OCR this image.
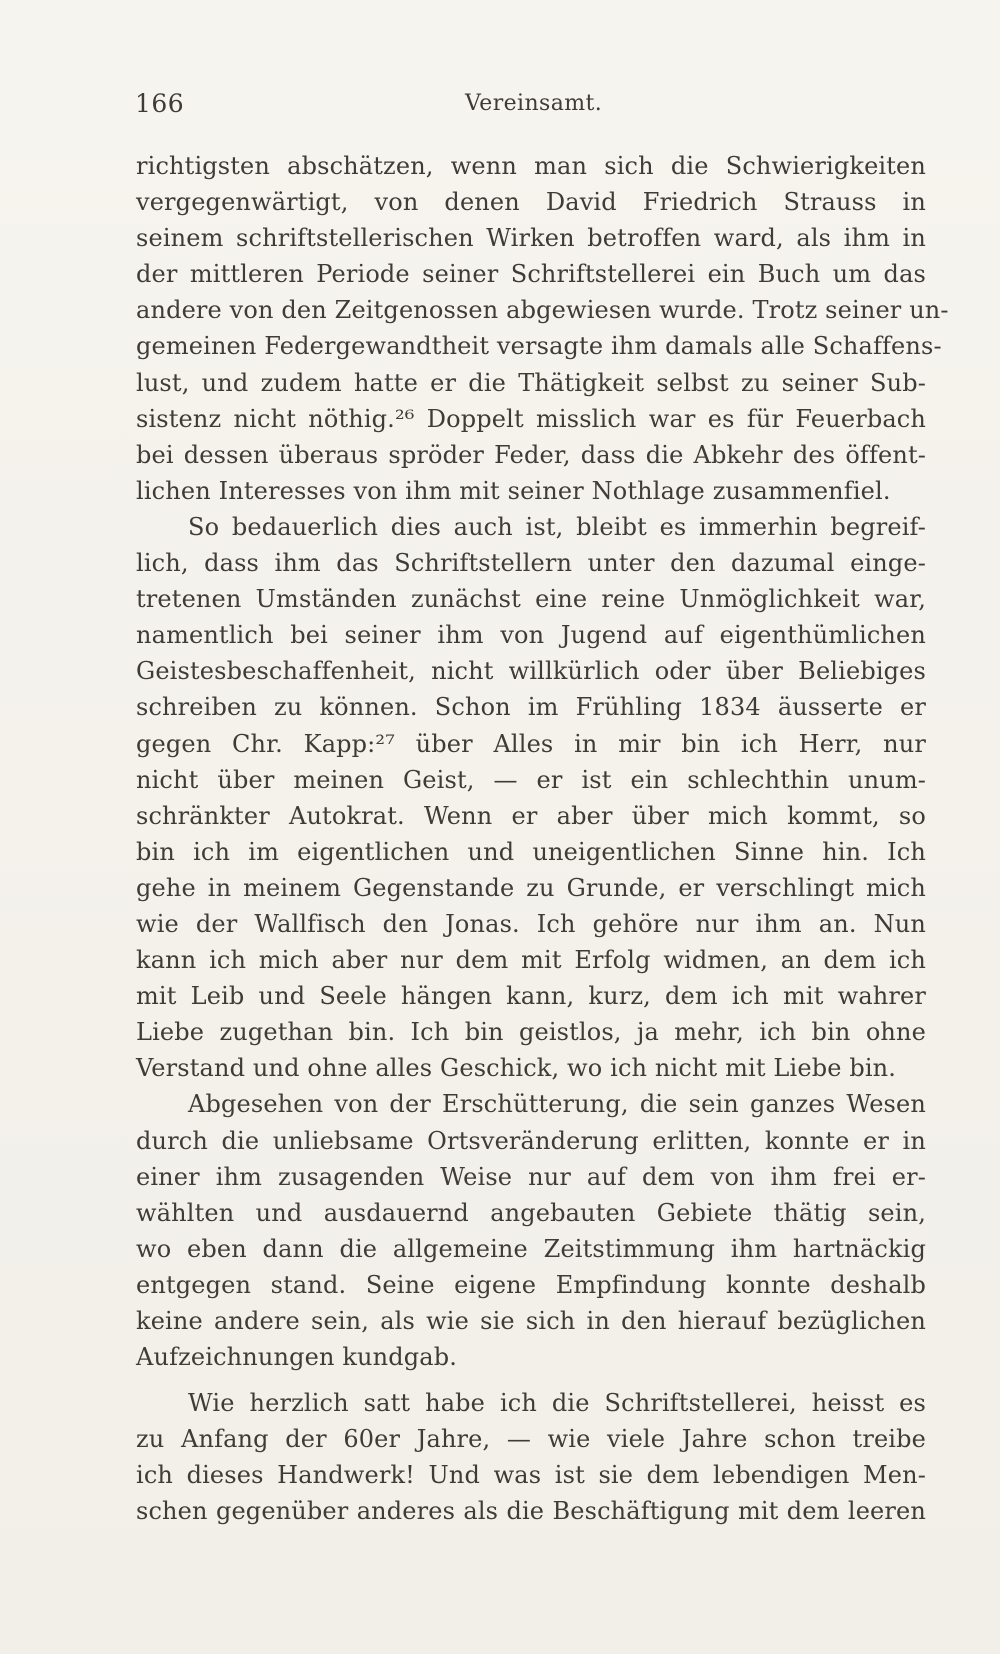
166	Vereinsamt.
richtigsten abschätzen, wenn man sich die Schwierigkeiten
vergegenwärtigt, von denen David Friedrich Strauss in
seinem schriftstellerischen Wirken betroffen ward, als ihm in
der mittleren Periode seiner Schriftstellerei ein Buch um das
andere von den Zeitgenossen abgewiesen wurde. Trotz seiner un-
gemeinen Federgewandtheit versagte ihm damals alle Schaffens-
lust, und zudem hatte er die Thätigkeit selbst zu seiner Sub-
sistenz nicht nöthig.²⁶ Doppelt misslich war es für Feuerbach
bei dessen überaus spröder Feder, dass die Abkehr des öffent-
lichen Interesses von ihm mit seiner Nothlage zusammenfiel.
So bedauerlich dies auch ist, bleibt es immerhin begreif-
lich, dass ihm das Schriftstellern unter den dazumal einge-
tretenen Umständen zunächst eine reine Unmöglichkeit war,
namentlich bei seiner ihm von Jugend auf eigenthümlichen
Geistesbeschaffenheit, nicht willkürlich oder über Beliebiges
schreiben zu können. Schon im Frühling 1834 äusserte er
gegen Chr. Kapp:²⁷ über Alles in mir bin ich Herr, nur
nicht über meinen Geist, — er ist ein schlechthin unum-
schränkter Autokrat. Wenn er aber über mich kommt, so
bin ich im eigentlichen und uneigentlichen Sinne hin. Ich
gehe in meinem Gegenstande zu Grunde, er verschlingt mich
wie der Wallfisch den Jonas. Ich gehöre nur ihm an. Nun
kann ich mich aber nur dem mit Erfolg widmen, an dem ich
mit Leib und Seele hängen kann, kurz, dem ich mit wahrer
Liebe zugethan bin. Ich bin geistlos, ja mehr, ich bin ohne
Verstand und ohne alles Geschick, wo ich nicht mit Liebe bin.
Abgesehen von der Erschütterung, die sein ganzes Wesen
durch die unliebsame Ortsveränderung erlitten, konnte er in
einer ihm zusagenden Weise nur auf dem von ihm frei er-
wählten und ausdauernd angebauten Gebiete thätig sein,
wo eben dann die allgemeine Zeitstimmung ihm hartnäckig
entgegen stand. Seine eigene Empfindung konnte deshalb
keine andere sein, als wie sie sich in den hierauf bezüglichen
Aufzeichnungen kundgab.
Wie herzlich satt habe ich die Schriftstellerei, heisst es
zu Anfang der 60er Jahre, — wie viele Jahre schon treibe
ich dieses Handwerk! Und was ist sie dem lebendigen Men-
schen gegenüber anderes als die Beschäftigung mit dem leeren
